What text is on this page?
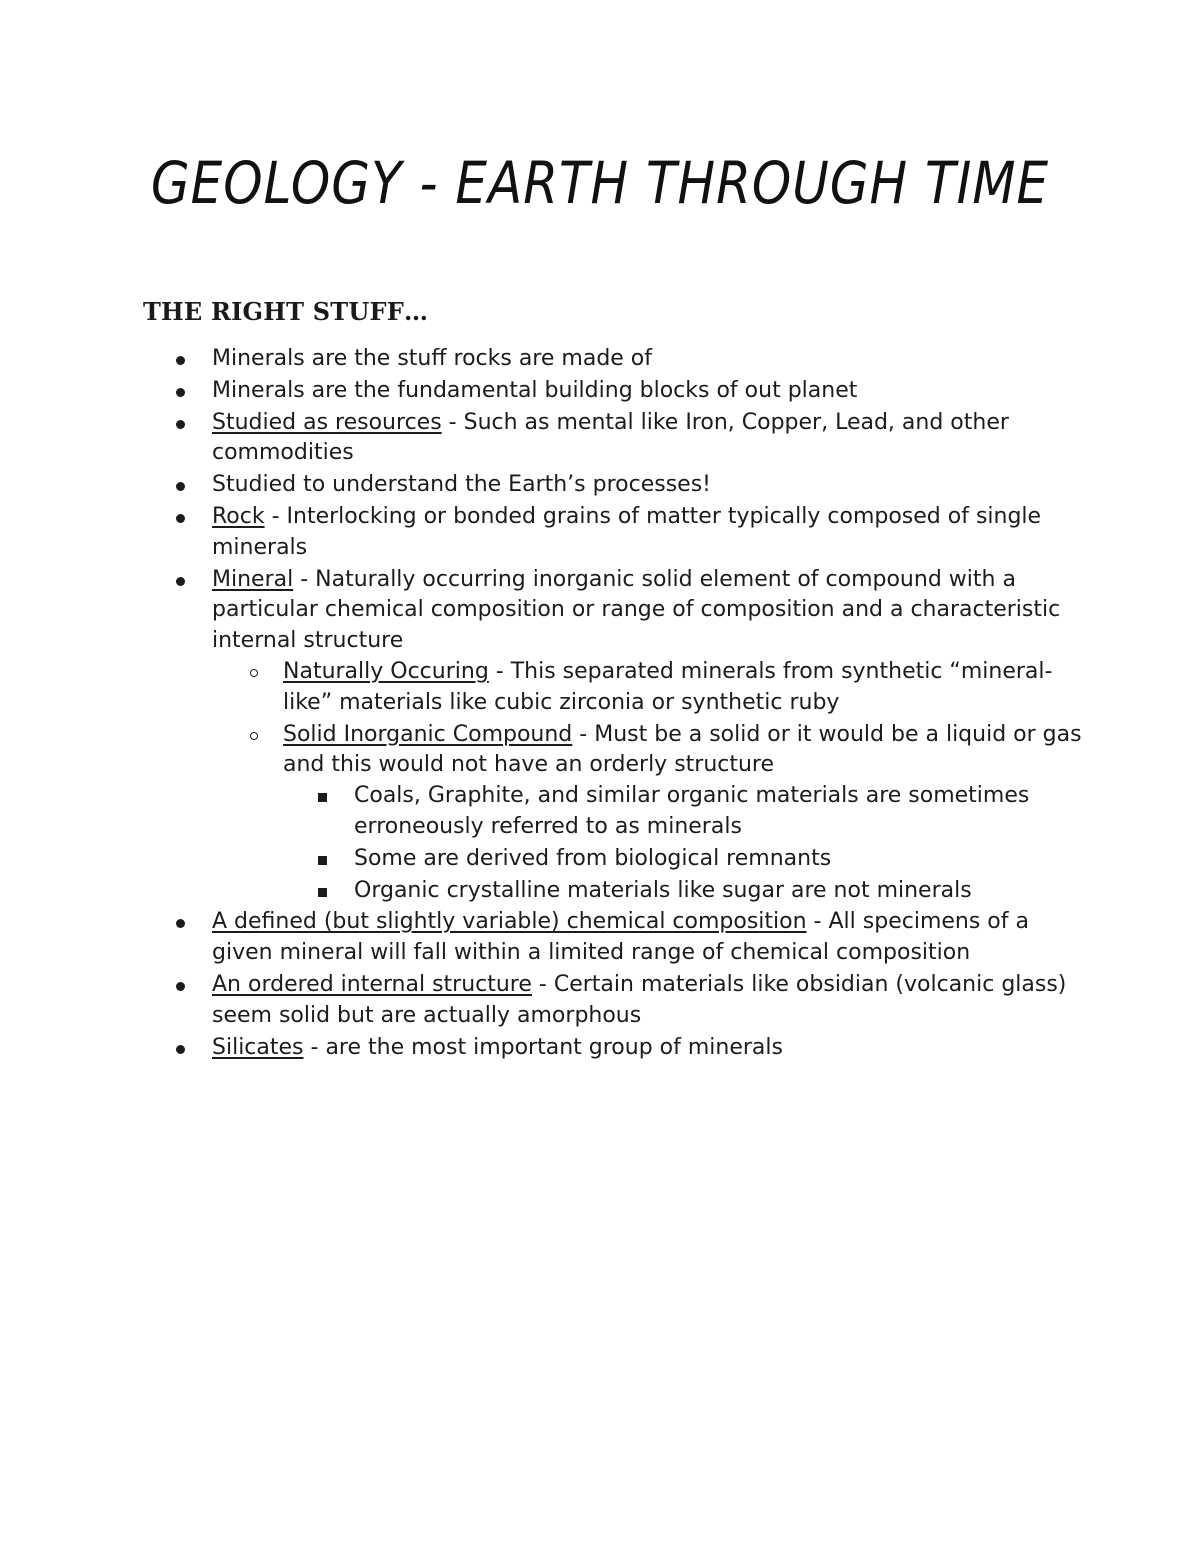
GEOLOGY - EARTH THROUGH TIME
THE RIGHT STUFF…
Minerals are the stuff rocks are made of
Minerals are the fundamental building blocks of out planet
Studied as resources - Such as mental like Iron, Copper, Lead, and other commodities
Studied to understand the Earth’s processes!
Rock - Interlocking or bonded grains of matter typically composed of single minerals
Mineral - Naturally occurring inorganic solid element of compound with a particular chemical composition or range of composition and a characteristic internal structure
Naturally Occuring - This separated minerals from synthetic “mineral-like” materials like cubic zirconia or synthetic ruby
Solid Inorganic Compound - Must be a solid or it would be a liquid or gas and this would not have an orderly structure
Coals, Graphite, and similar organic materials are sometimes erroneously referred to as minerals
Some are derived from biological remnants
Organic crystalline materials like sugar are not minerals
A defined (but slightly variable) chemical composition - All specimens of a given mineral will fall within a limited range of chemical composition
An ordered internal structure - Certain materials like obsidian (volcanic glass) seem solid but are actually amorphous
Silicates - are the most important group of minerals
